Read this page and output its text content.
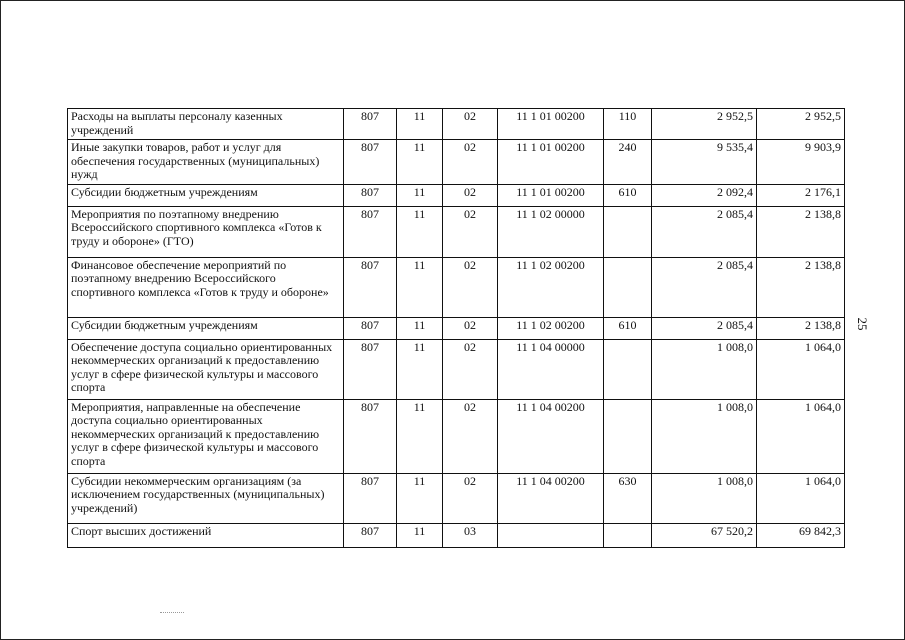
Расходы на выплаты персоналу казенных учреждений	807	11	02	11 1 01 00200	110	2 952,5	2 952,5
Иные закупки товаров, работ и услуг для обеспечения государственных (муниципальных) нужд	807	11	02	11 1 01 00200	240	9 535,4	9 903,9
Субсидии бюджетным учреждениям	807	11	02	11 1 01 00200	610	2 092,4	2 176,1
Мероприятия по поэтапному внедрению Всероссийского спортивного комплекса «Готов к труду и обороне» (ГТО)	807	11	02	11 1 02 00000		2 085,4	2 138,8
Финансовое обеспечение мероприятий по поэтапному внедрению Всероссийского спортивного комплекса «Готов к труду и обороне»	807	11	02	11 1 02 00200		2 085,4	2 138,8
Субсидии бюджетным учреждениям	807	11	02	11 1 02 00200	610	2 085,4	2 138,8
Обеспечение доступа социально ориентированных некоммерческих организаций к предоставлению услуг в сфере физической культуры и массового спорта	807	11	02	11 1 04 00000		1 008,0	1 064,0
Мероприятия, направленные на обеспечение доступа социально ориентированных некоммерческих организаций к предоставлению услуг в сфере физической культуры и массового спорта	807	11	02	11 1 04 00200		1 008,0	1 064,0
Субсидии некоммерческим организациям (за исключением государственных (муниципальных) учреждений)	807	11	02	11 1 04 00200	630	1 008,0	1 064,0
Спорт высших достижений	807	11	03			67 520,2	69 842,3
25
